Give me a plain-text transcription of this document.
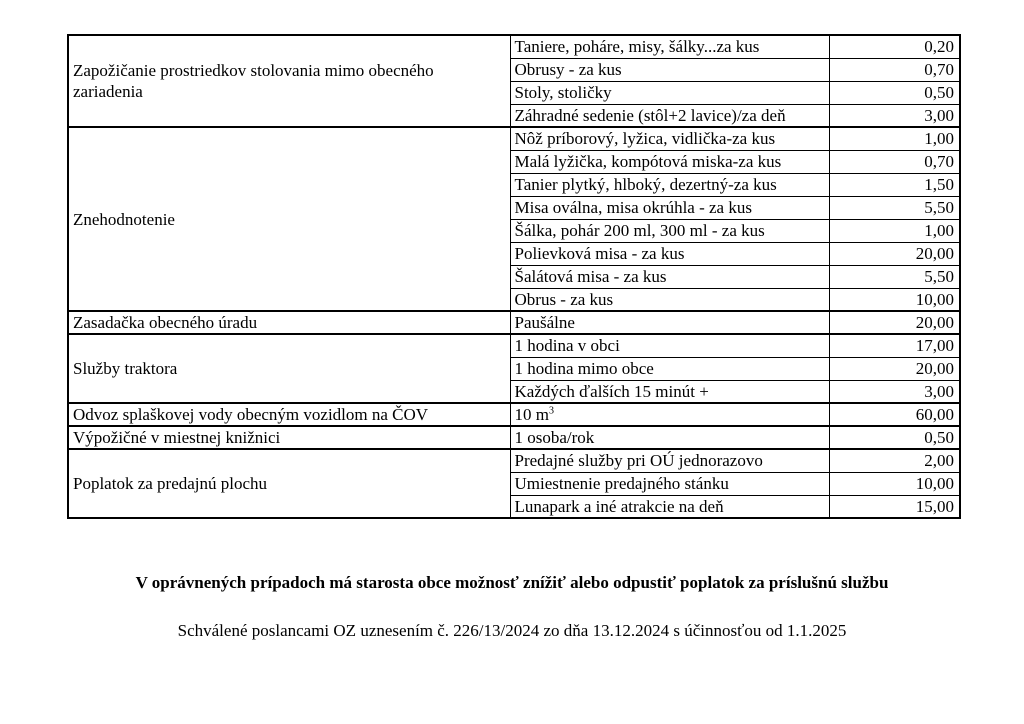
Zapožičanie prostriedkov stolovania mimo obecného zariadenia	Taniere, poháre, misy, šálky...za kus	0,20
	Obrusy - za kus	0,70
	Stoly, stoličky	0,50
	Záhradné sedenie (stôl+2 lavice)/za deň	3,00
Znehodnotenie	Nôž príborový, lyžica, vidlička-za kus	1,00
	Malá lyžička, kompótová miska-za kus	0,70
	Tanier plytký, hlboký, dezertný-za kus	1,50
	Misa oválna, misa okrúhla - za kus	5,50
	Šálka, pohár 200 ml, 300 ml - za kus	1,00
	Polievková misa - za kus	20,00
	Šalátová misa - za kus	5,50
	Obrus - za kus	10,00
Zasadačka obecného úradu	Paušálne	20,00
Služby traktora	1 hodina v obci	17,00
	1 hodina mimo obce	20,00
	Každých ďalších 15 minút +	3,00
Odvoz splaškovej vody obecným vozidlom na ČOV	10 $m^3$	60,00
Výpožičné v miestnej knižnici	1 osoba/rok	0,50
Poplatok za predajnú plochu	Predajné služby pri OÚ jednorazovo	2,00
	Umiestnenie predajného stánku	10,00
	Lunapark a iné atrakcie na deň	15,00
V oprávnených prípadoch má starosta obce možnosť znížiť alebo odpustiť poplatok za príslušnú službu
Schválené poslancami OZ uznesením č. 226/13/2024 zo dňa 13.12.2024 s účinnosťou od 1.1.2025
